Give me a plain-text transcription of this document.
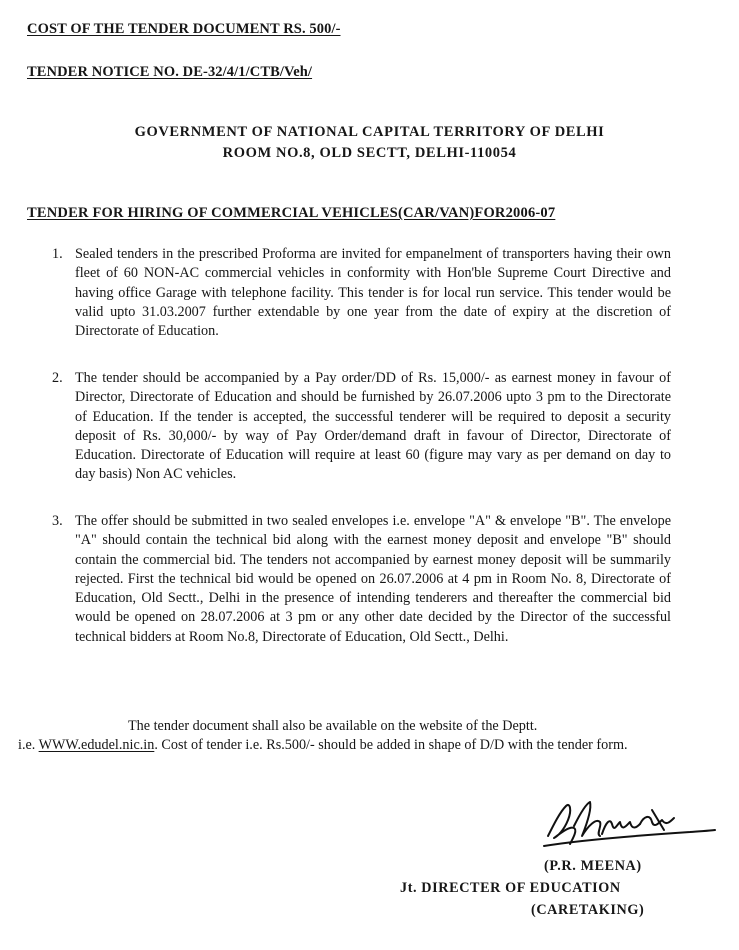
COST OF THE TENDER DOCUMENT RS. 500/-
TENDER NOTICE NO. DE-32/4/1/CTB/Veh/
GOVERNMENT OF NATIONAL CAPITAL TERRITORY OF DELHI
ROOM NO.8, OLD SECTT, DELHI-110054
TENDER FOR HIRING OF COMMERCIAL VEHICLES(CAR/VAN)FOR2006-07
1. Sealed tenders in the prescribed Proforma are invited for empanelment of transporters having their own fleet of 60 NON-AC commercial vehicles in conformity with Hon'ble Supreme Court Directive and having office Garage with telephone facility. This tender is for local run service. This tender would be valid upto 31.03.2007 further extendable by one year from the date of expiry at the discretion of Directorate of Education.
2. The tender should be accompanied by a Pay order/DD of Rs. 15,000/- as earnest money in favour of Director, Directorate of Education and should be furnished by 26.07.2006 upto 3 pm to the Directorate of Education. If the tender is accepted, the successful tenderer will be required to deposit a security deposit of Rs. 30,000/- by way of Pay Order/demand draft in favour of Director, Directorate of Education. Directorate of Education will require at least 60 (figure may vary as per demand on day to day basis) Non AC vehicles.
3. The offer should be submitted in two sealed envelopes i.e. envelope "A" & envelope "B". The envelope "A" should contain the technical bid along with the earnest money deposit and envelope "B" should contain the commercial bid. The tenders not accompanied by earnest money deposit will be summarily rejected. First the technical bid would be opened on 26.07.2006 at 4 pm in Room No. 8, Directorate of Education, Old Sectt., Delhi in the presence of intending tenderers and thereafter the commercial bid would be opened on 28.07.2006 at 3 pm or any other date decided by the Director of the successful technical bidders at Room No.8, Directorate of Education, Old Sectt., Delhi.
The tender document shall also be available on the website of the Deptt.
i.e. WWW.edudel.nic.in. Cost of tender i.e. Rs.500/- should be added in shape of D/D with the tender form.
(P.R. MEENA)
Jt. DIRECTER OF EDUCATION
(CARETAKING)
